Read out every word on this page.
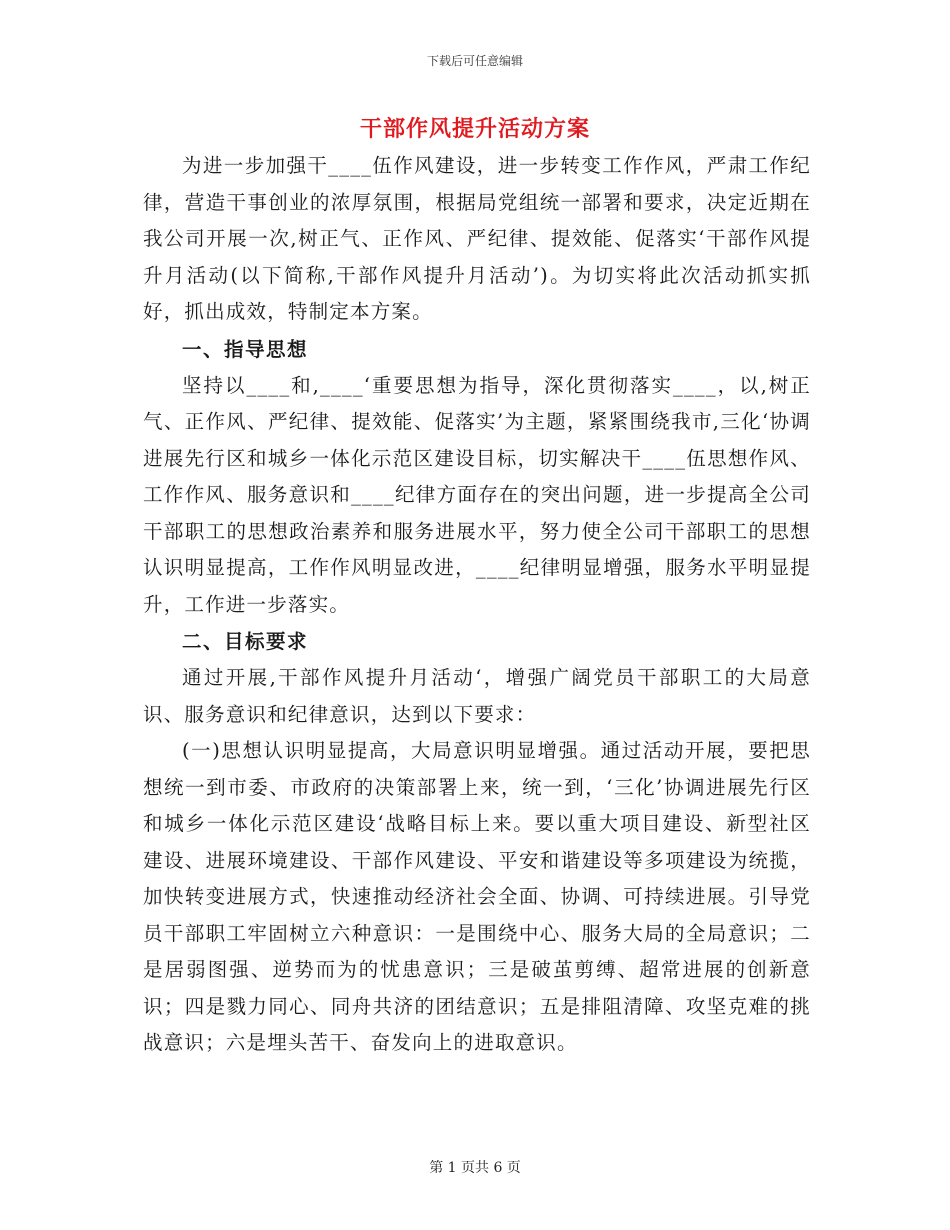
下载后可任意编辑
干部作风提升活动方案

为进一步加强干____伍作风建设，进一步转变工作作风，严肃工作纪律，营造干事创业的浓厚氛围，根据局党组统一部署和要求，决定近期在我公司开展一次,树正气、正作风、严纪律、提效能、促落实‘干部作风提升月活动(以下简称,干部作风提升月活动’)。为切实将此次活动抓实抓好，抓出成效，特制定本方案。

一、指导思想

坚持以____和,____‘重要思想为指导，深化贯彻落实____，以,树正气、正作风、严纪律、提效能、促落实’为主题，紧紧围绕我市,三化‘协调进展先行区和城乡一体化示范区建设目标，切实解决干____伍思想作风、工作作风、服务意识和____纪律方面存在的突出问题，进一步提高全公司干部职工的思想政治素养和服务进展水平，努力使全公司干部职工的思想认识明显提高，工作作风明显改进，____纪律明显增强，服务水平明显提升，工作进一步落实。

二、目标要求

通过开展,干部作风提升月活动‘，增强广阔党员干部职工的大局意识、服务意识和纪律意识，达到以下要求：

(一)思想认识明显提高，大局意识明显增强。通过活动开展，要把思想统一到市委、市政府的决策部署上来，统一到，‘三化’协调进展先行区和城乡一体化示范区建设‘战略目标上来。要以重大项目建设、新型社区建设、进展环境建设、干部作风建设、平安和谐建设等多项建设为统揽，加快转变进展方式，快速推动经济社会全面、协调、可持续进展。引导党员干部职工牢固树立六种意识：一是围绕中心、服务大局的全局意识；二是居弱图强、逆势而为的忧患意识；三是破茧剪缚、超常进展的创新意识；四是戮力同心、同舟共济的团结意识；五是排阻清障、攻坚克难的挑战意识；六是埋头苦干、奋发向上的进取意识。

第 1 页共 6 页
